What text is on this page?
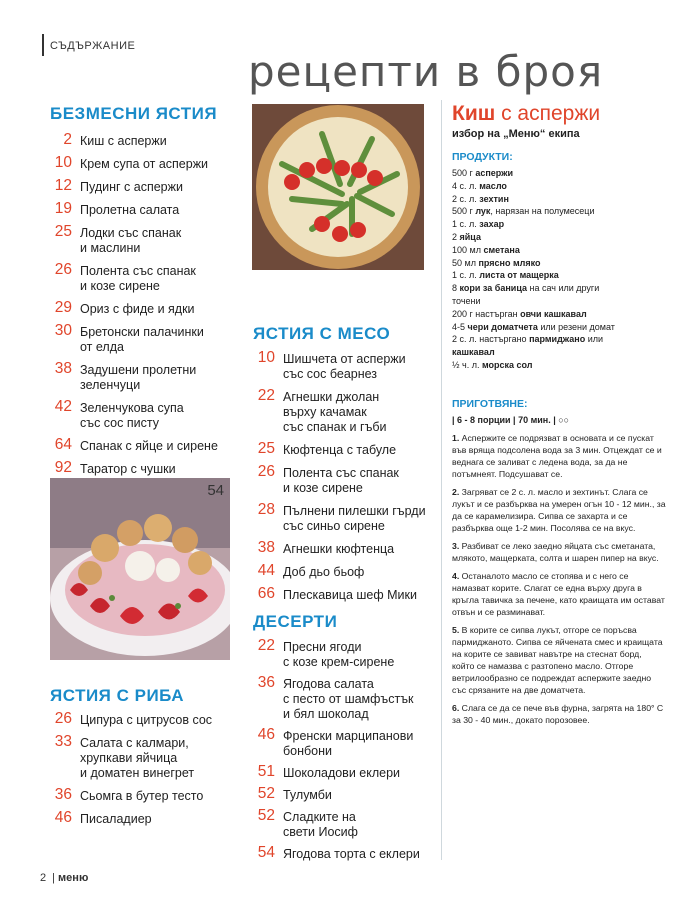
СЪДЪРЖАНИЕ
рецепти в броя
БЕЗМЕСНИ ЯСТИЯ
2 Киш с аспержи
10 Крем супа от аспержи
12 Пудинг с аспержи
19 Пролетна салата
25 Лодки със спанак
и маслини
26 Полента със спанак
и козе сирене
29 Ориз с фиде и ядки
30 Бретонски палачинки
от елда
38 Задушени пролетни
зеленчуци
42 Зеленчукова супа
със сос писту
64 Спанак с яйце и сирене
92 Таратор с чушки
54
ЯСТИЯ С РИБА
26 Ципура с цитрусов сос
33 Салата с калмари,
хрупкави яйчица
и доматен винегрет
36 Сьомга в бутер тесто
46 Писаладиер
ЯСТИЯ С МЕСО
10 Шишчета от аспержи
със сос беарнез
22 Агнешки джолан
върху качамак
със спанак и гъби
25 Кюфтенца с табуле
26 Полента със спанак
и козе сирене
28 Пълнени пилешки гърди
със синьо сирене
38 Агнешки кюфтенца
44 Доб дьо бьоф
66 Плескавица шеф Мики
ДЕСЕРТИ
22 Пресни ягоди
с козе крем-сирене
36 Ягодова салата
с песто от шамфъстък
и бял шоколад
46 Френски марципанови
бонбони
51 Шоколадови еклери
52 Тулумби
52 Сладките на
свети Иосиф
54 Ягодова торта с еклери
Киш с аспержи
избор на „Меню“ екипа
ПРОДУКТИ:
500 г аспержи
4 с. л. масло
2 с. л. зехтин
500 г лук, нарязан на полумесеци
1 с. л. захар
2 яйца
100 мл сметана
50 мл прясно мляко
1 с. л. листа от мащерка
8 кори за баница на сач или други
точени
200 г настърган овчи кашкавал
4-5 чери доматчета или резени домат
2 с. л. настъргано пармиджано или
кашкавал
½ ч. л. морска сол
ПРИГОТВЯНЕ:
| 6 - 8 порции | 70 мин. | ○○

1. Аспержите се подрязват в основата и се пускат във вряща подсолена вода за 3 мин. Отцеждат се и веднага се заливат с ледена вода, за да не потъмнеят. Подсушават се.

2. Загряват се 2 с. л. масло и зехтинът. Слага се лукът и се разбърква на умерен огън 10 - 12 мин., за да се карамелизира. Сипва се захарта и се разбърква още 1-2 мин. Посолява се на вкус.

3. Разбиват се леко заедно яйцата със сметаната, млякото, мащерката, солта и шарен пипер на вкус.

4. Останалото масло се стопява и с него се намазват корите. Слагат се една върху друга в кръгла тавичка за печене, като краищата им остават отвън и се разминават.

5. В корите се сипва лукът, отгоре се поръсва пармиджаното. Сипва се яйчената смес и краищата на корите се завиват навътре на стеснат борд, който се намазва с разтопено масло. Отгоре ветрилообразно се подреждат аспержите заедно със срязаните на две доматчета.

6. Слага се да се пече във фурна, загрята на 180° С за 30 - 40 мин., докато порозовее.

2 | меню
